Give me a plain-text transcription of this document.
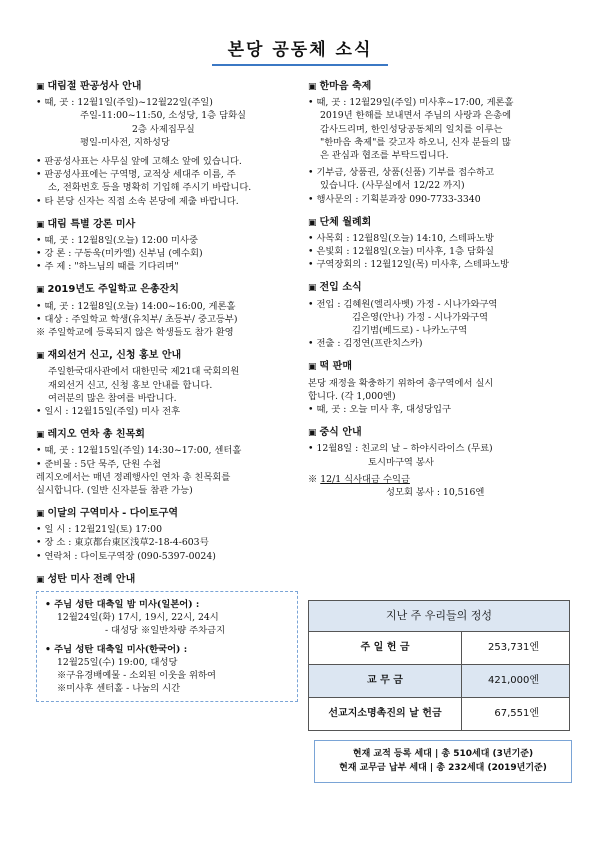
본당 공동체 소식
▣ 대림절 판공성사 안내
• 때, 곳 : 12월1일(주일)~12월22일(주일)
주일-11:00~11:50, 소성당, 1층 담화실
2층 사제집무실
평일-미사전, 지하성당
• 판공성사표는 사무실 앞에 고해소 앞에 있습니다.
• 판공성사표에는 구역명, 교적상 세대주 이름, 주
소, 전화번호 등을 명확히 기입해 주시기 바랍니다.
• 타 본당 신자는 직접 소속 본당에 제출 바랍니다.
▣ 대림 특별 강론 미사
• 때, 곳 : 12월8일(오늘) 12:00 미사중
• 강 론 : 구동욱(미카엘) 신부님 (예수회)
• 주 제 : "하느님의 때를 기다리며"
▣ 2019년도 주일학교 은총잔치
• 때, 곳 : 12월8일(오늘) 14:00~16:00, 게론홀
• 대상 : 주일학교 학생(유치부/ 초등부/ 중고등부)
※ 주일학교에 등록되지 않은 학생들도 참가 환영
▣ 재외선거 신고, 신청 홍보 안내
주일한국대사관에서 대한민국 제21대 국회의원
재외선거 신고, 신청 홍보 안내를 합니다.
여러분의 많은 참여를 바랍니다.
• 일시 : 12월15일(주일) 미사 전후
▣ 레지오 연차 총 친목회
• 때, 곳 : 12월15일(주일) 14:30~17:00, 센터홀
• 준비물 : 5단 묵주, 단원 수첩
레지오에서는 매년 정례행사인 연차 총 친목회를
실시합니다. (일반 신자분들 참관 가능)
▣ 이달의 구역미사 - 다이토구역
• 일 시 : 12월21일(토) 17:00
• 장 소 : 東京都台東区浅草2-18-4-603号
• 연락처 : 다이토구역장 (090-5397-0024)
▣ 성탄 미사 전례 안내
• 주님 성탄 대축일 밤 미사(일본어) :
12월24일(화) 17시, 19시, 22시, 24시
- 대성당 ※일반차량 주차금지
• 주님 성탄 대축일 미사(한국어) :
12월25일(수) 19:00, 대성당
※구유경배예물 - 소외된 이웃을 위하여
※미사후 센터홀 - 나눔의 시간
▣ 한마음 축제
• 때, 곳 : 12월29일(주일) 미사후~17:00, 게론홀
2019년 한해를 보내면서 주님의 사랑과 은총에
감사드리며, 한인성당공동체의 일치를 이루는
"한마음 축제"를 갖고자 하오니, 신자 분들의 많
은 관심과 협조를 부탁드립니다.
• 기부금, 상품권, 상품(신품) 기부를 접수하고
있습니다. (사무실에서 12/22 까지)
• 행사문의 : 기획분과장 090-7733-3340
▣ 단체 월례회
• 사목회 : 12월8일(오늘) 14:10, 스테파노방
• 은빛회 : 12월8일(오늘) 미사후, 1층 담화실
• 구역장회의 : 12월12일(목) 미사후, 스테파노방
▣ 전입 소식
• 전입 : 김혜원(엘리사벳) 가정 - 시나가와구역
김은영(안나) 가정 - 시나가와구역
김기범(베드로) - 나카노구역
• 전출 : 김정연(프란치스카)
▣ 떡 판매
본당 재정을 확충하기 위하여 총구역에서 실시
합니다. (각 1,000엔)
• 때, 곳 : 오늘 미사 후, 대성당입구
▣ 중식 안내
• 12월8일 : 친교의 날 – 하야시라이스 (무료)
토시마구역 봉사
※ 12/1 식사대금 수익금
성모회 봉사 : 10,516엔
지난 주 우리들의 정성	
주 일 헌 금	253,731엔
교 무 금	421,000엔
선교지소명촉진의 날 헌금	67,551엔
현재 교적 등록 세대 | 총 510세대 (3년기준)
현재 교무금 납부 세대 | 총 232세대 (2019년기준)
